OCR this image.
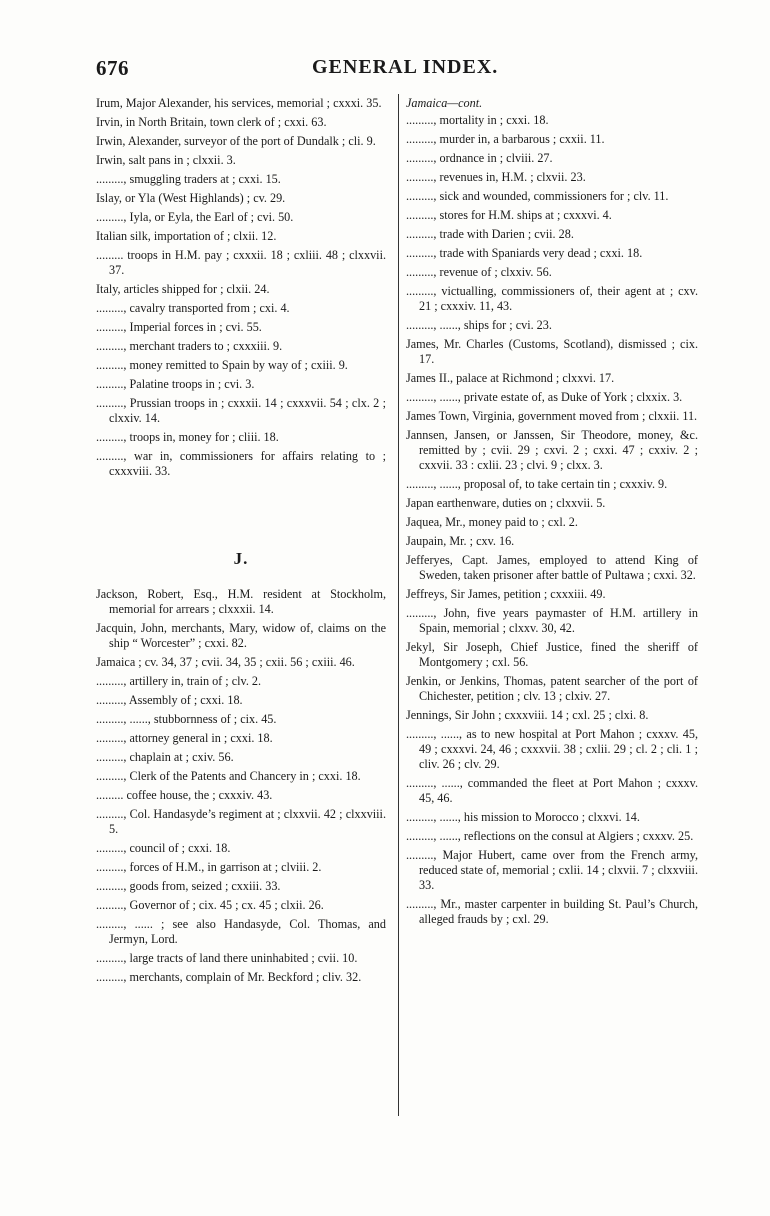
676	GENERAL INDEX.
Irum, Major Alexander, his services, memorial ; cxxxi. 35.
Irvin, in North Britain, town clerk of ; cxxi. 63.
Irwin, Alexander, surveyor of the port of Dundalk ; cli. 9.
Irwin, salt pans in ; clxxii. 3.
........., smuggling traders at ; cxxi. 15.
Islay, or Yla (West Highlands) ; cv. 29.
........., Iyla, or Eyla, the Earl of ; cvi. 50.
Italian silk, importation of ; clxii. 12.
......... troops in H.M. pay ; cxxxii. 18 ; cxliii. 48 ; clxxvii. 37.
Italy, articles shipped for ; clxii. 24.
........., cavalry transported from ; cxi. 4.
........., Imperial forces in ; cvi. 55.
........., merchant traders to ; cxxxiii. 9.
........., money remitted to Spain by way of ; cxiii. 9.
........., Palatine troops in ; cvi. 3.
........., Prussian troops in ; cxxxii. 14 ; cxxxvii. 54 ; clx. 2 ; clxxiv. 14.
........., troops in, money for ; cliii. 18.
........., war in, commissioners for affairs relating to ; cxxxviii. 33.
J.
Jackson, Robert, Esq., H.M. resident at Stockholm, memorial for arrears ; clxxxii. 14.
Jacquin, John, merchants, Mary, widow of, claims on the ship “ Worcester” ; cxxi. 82.
Jamaica ; cv. 34, 37 ; cvii. 34, 35 ; cxii. 56 ; cxiii. 46.
........., artillery in, train of ; clv. 2.
........., Assembly of ; cxxi. 18.
........., ......, stubbornness of ; cix. 45.
........., attorney general in ; cxxi. 18.
........., chaplain at ; cxiv. 56.
........., Clerk of the Patents and Chancery in ; cxxi. 18.
......... coffee house, the ; cxxxiv. 43.
........., Col. Handasyde’s regiment at ; clxxvii. 42 ; clxxviii. 5.
........., council of ; cxxi. 18.
........., forces of H.M., in garrison at ; clviii. 2.
........., goods from, seized ; cxxiii. 33.
........., Governor of ; cix. 45 ; cx. 45 ; clxii. 26.
........., ...... ; see also Handasyde, Col. Thomas, and Jermyn, Lord.
........., large tracts of land there uninhabited ; cvii. 10.
........., merchants, complain of Mr. Beckford ; cliv. 32.
Jamaica—cont.
........., mortality in ; cxxi. 18.
........., murder in, a barbarous ; cxxii. 11.
........., ordnance in ; clviii. 27.
........., revenues in, H.M. ; clxvii. 23.
........., sick and wounded, commissioners for ; clv. 11.
........., stores for H.M. ships at ; cxxxvi. 4.
........., trade with Darien ; cvii. 28.
........., trade with Spaniards very dead ; cxxi. 18.
........., revenue of ; clxxiv. 56.
........., victualling, commissioners of, their agent at ; cxv. 21 ; cxxxiv. 11, 43.
........., ......, ships for ; cvi. 23.
James, Mr. Charles (Customs, Scotland), dismissed ; cix. 17.
James II., palace at Richmond ; clxxvi. 17.
........., ......, private estate of, as Duke of York ; clxxix. 3.
James Town, Virginia, government moved from ; clxxii. 11.
Jannsen, Jansen, or Janssen, Sir Theodore, money, &c. remitted by ; cvii. 29 ; cxvi. 2 ; cxxi. 47 ; cxxiv. 2 ; cxxvii. 33 : cxlii. 23 ; clvi. 9 ; clxx. 3.
........., ......, proposal of, to take certain tin ; cxxxiv. 9.
Japan earthenware, duties on ; clxxvii. 5.
Jaquea, Mr., money paid to ; cxl. 2.
Jaupain, Mr. ; cxv. 16.
Jefferyes, Capt. James, employed to attend King of Sweden, taken prisoner after battle of Pultawa ; cxxi. 32.
Jeffreys, Sir James, petition ; cxxxiii. 49.
........., John, five years paymaster of H.M. artillery in Spain, memorial ; clxxv. 30, 42.
Jekyl, Sir Joseph, Chief Justice, fined the sheriff of Montgomery ; cxl. 56.
Jenkin, or Jenkins, Thomas, patent searcher of the port of Chichester, petition ; clv. 13 ; clxiv. 27.
Jennings, Sir John ; cxxxviii. 14 ; cxl. 25 ; clxi. 8.
........., ......, as to new hospital at Port Mahon ; cxxxv. 45, 49 ; cxxxvi. 24, 46 ; cxxxvii. 38 ; cxlii. 29 ; cl. 2 ; cli. 1 ; cliv. 26 ; clv. 29.
........., ......, commanded the fleet at Port Mahon ; cxxxv. 45, 46.
........., ......, his mission to Morocco ; clxxvi. 14.
........., ......, reflections on the consul at Algiers ; cxxxv. 25.
........., Major Hubert, came over from the French army, reduced state of, memorial ; cxlii. 14 ; clxvii. 7 ; clxxviii. 33.
........., Mr., master carpenter in building St. Paul’s Church, alleged frauds by ; cxl. 29.
